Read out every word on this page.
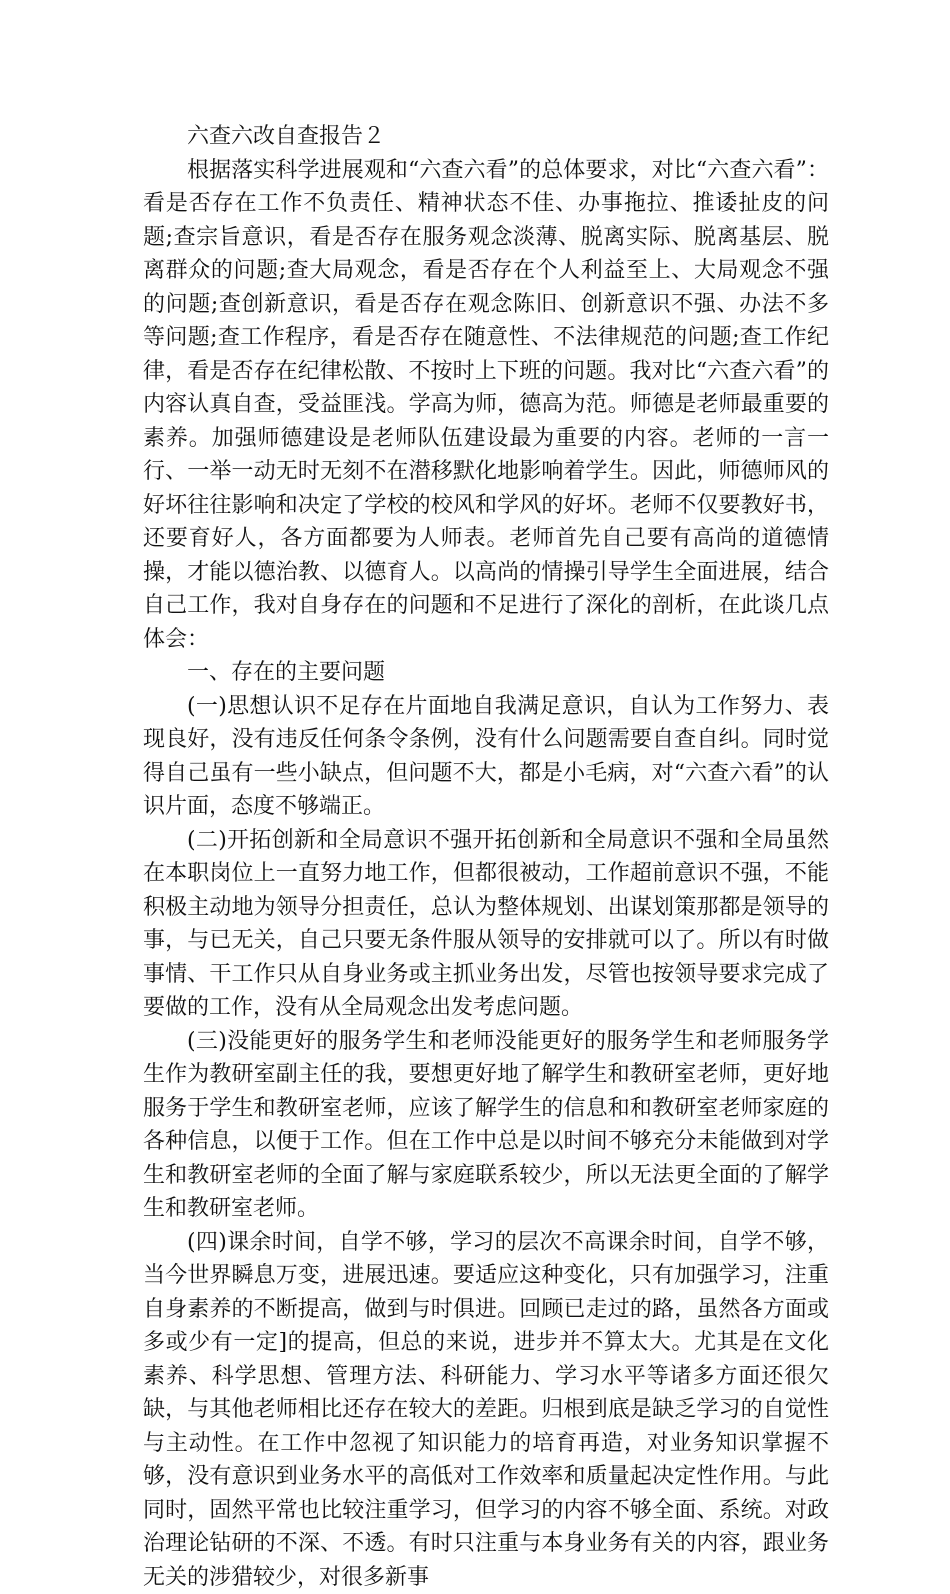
六查六改自查报告２

根据落实科学进展观和“六查六看”的总体要求，对比“六查六看”：看是否存在工作不负责任、精神状态不佳、办事拖拉、推诿扯皮的问题;查宗旨意识，看是否存在服务观念淡薄、脱离实际、脱离基层、脱离群众的问题;查大局观念，看是否存在个人利益至上、大局观念不强的问题;查创新意识，看是否存在观念陈旧、创新意识不强、办法不多等问题;查工作程序，看是否存在随意性、不法律规范的问题;查工作纪律，看是否存在纪律松散、不按时上下班的问题。我对比“六查六看”的内容认真自查，受益匪浅。学高为师，德高为范。师德是老师最重要的素养。加强师德建设是老师队伍建设最为重要的内容。老师的一言一行、一举一动无时无刻不在潜移默化地影响着学生。因此，师德师风的好坏往往影响和决定了学校的校风和学风的好坏。老师不仅要教好书，还要育好人，各方面都要为人师表。老师首先自己要有高尚的道德情操，才能以德治教、以德育人。以高尚的情操引导学生全面进展，结合自己工作，我对自身存在的问题和不足进行了深化的剖析，在此谈几点体会：

一、存在的主要问题

(一)思想认识不足存在片面地自我满足意识，自认为工作努力、表现良好，没有违反任何条令条例，没有什么问题需要自查自纠。同时觉得自己虽有一些小缺点，但问题不大，都是小毛病，对“六查六看”的认识片面，态度不够端正。

(二)开拓创新和全局意识不强开拓创新和全局意识不强和全局虽然在本职岗位上一直努力地工作，但都很被动，工作超前意识不强，不能积极主动地为领导分担责任，总认为整体规划、出谋划策那都是领导的事，与已无关，自己只要无条件服从领导的安排就可以了。所以有时做事情、干工作只从自身业务或主抓业务出发，尽管也按领导要求完成了要做的工作，没有从全局观念出发考虑问题。

(三)没能更好的服务学生和老师没能更好的服务学生和老师服务学生作为教研室副主任的我，要想更好地了解学生和教研室老师，更好地服务于学生和教研室老师，应该了解学生的信息和和教研室老师家庭的各种信息，以便于工作。但在工作中总是以时间不够充分未能做到对学生和教研室老师的全面了解与家庭联系较少，所以无法更全面的了解学生和教研室老师。

(四)课余时间，自学不够，学习的层次不高课余时间，自学不够，当今世界瞬息万变，进展迅速。要适应这种变化，只有加强学习，注重自身素养的不断提高，做到与时俱进。回顾已走过的路，虽然各方面或多或少有一定]的提高，但总的来说，进步并不算太大。尤其是在文化素养、科学思想、管理方法、科研能力、学习水平等诸多方面还很欠缺，与其他老师相比还存在较大的差距。归根到底是缺乏学习的自觉性与主动性。在工作中忽视了知识能力的培育再造，对业务知识掌握不够，没有意识到业务水平的高低对工作效率和质量起决定性作用。与此同时，固然平常也比较注重学习，但学习的内容不够全面、系统。对政治理论钻研的不深、不透。有时只注重与本身业务有关的内容，跟业务无关的涉猎较少，对很多新事
